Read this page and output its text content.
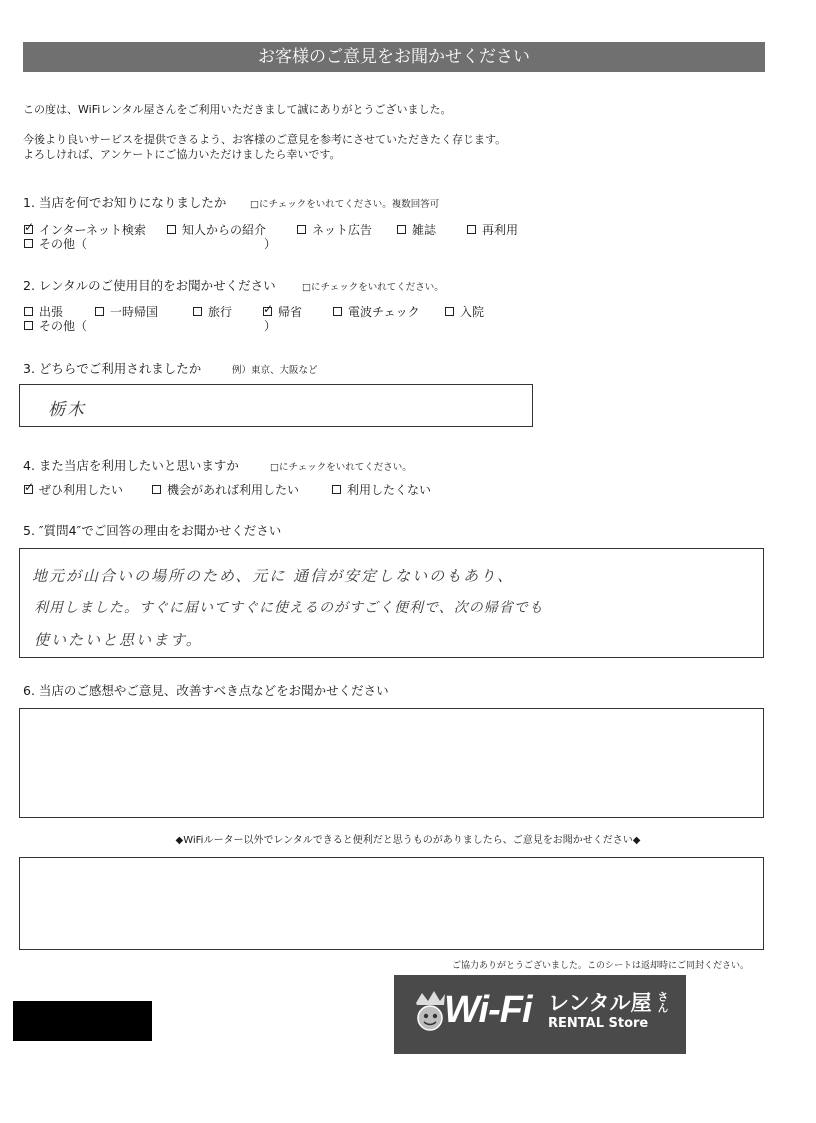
お客様のご意見をお聞かせください
この度は、WiFiレンタル屋さんをご利用いただきまして誠にありがとうございました。
今後より良いサービスを提供できるよう、お客様のご意見を参考にさせていただきたく存じます。
よろしければ、アンケートにご協力いただけましたら幸いです。
1. 当店を何でお知りになりましたか □にチェックをいれてください。複数回答可
✓
インターネット検索	知人からの紹介	ネット広告	雑誌	再利用
その他（	）
2. レンタルのご使用目的をお聞かせください	□にチェックをいれてください。
出張	一時帰国	旅行
✓	帰省	電波チェック	入院
その他（	）
3. どちらでご利用されましたか	例）東京、大阪など
栃木
4. また当店を利用したいと思いますか	□にチェックをいれてください。
✓
ぜひ利用したい	機会があれば利用したい	利用したくない
5. ″質問4″でご回答の理由をお聞かせください
地元が山合いの場所のため、元に 通信が安定しないのもあり、
利用しました。すぐに届いてすぐに使えるのがすごく便利で、次の帰省でも
使いたいと思います。
6. 当店のご感想やご意見、改善すべき点などをお聞かせください
◆WiFiルーター以外でレンタルできると便利だと思うものがありましたら、ご意見をお聞かせください◆
ご協力ありがとうございました。このシートは返却時にご同封ください。
Wi-Fi レンタル屋 さん
RENTAL Store
